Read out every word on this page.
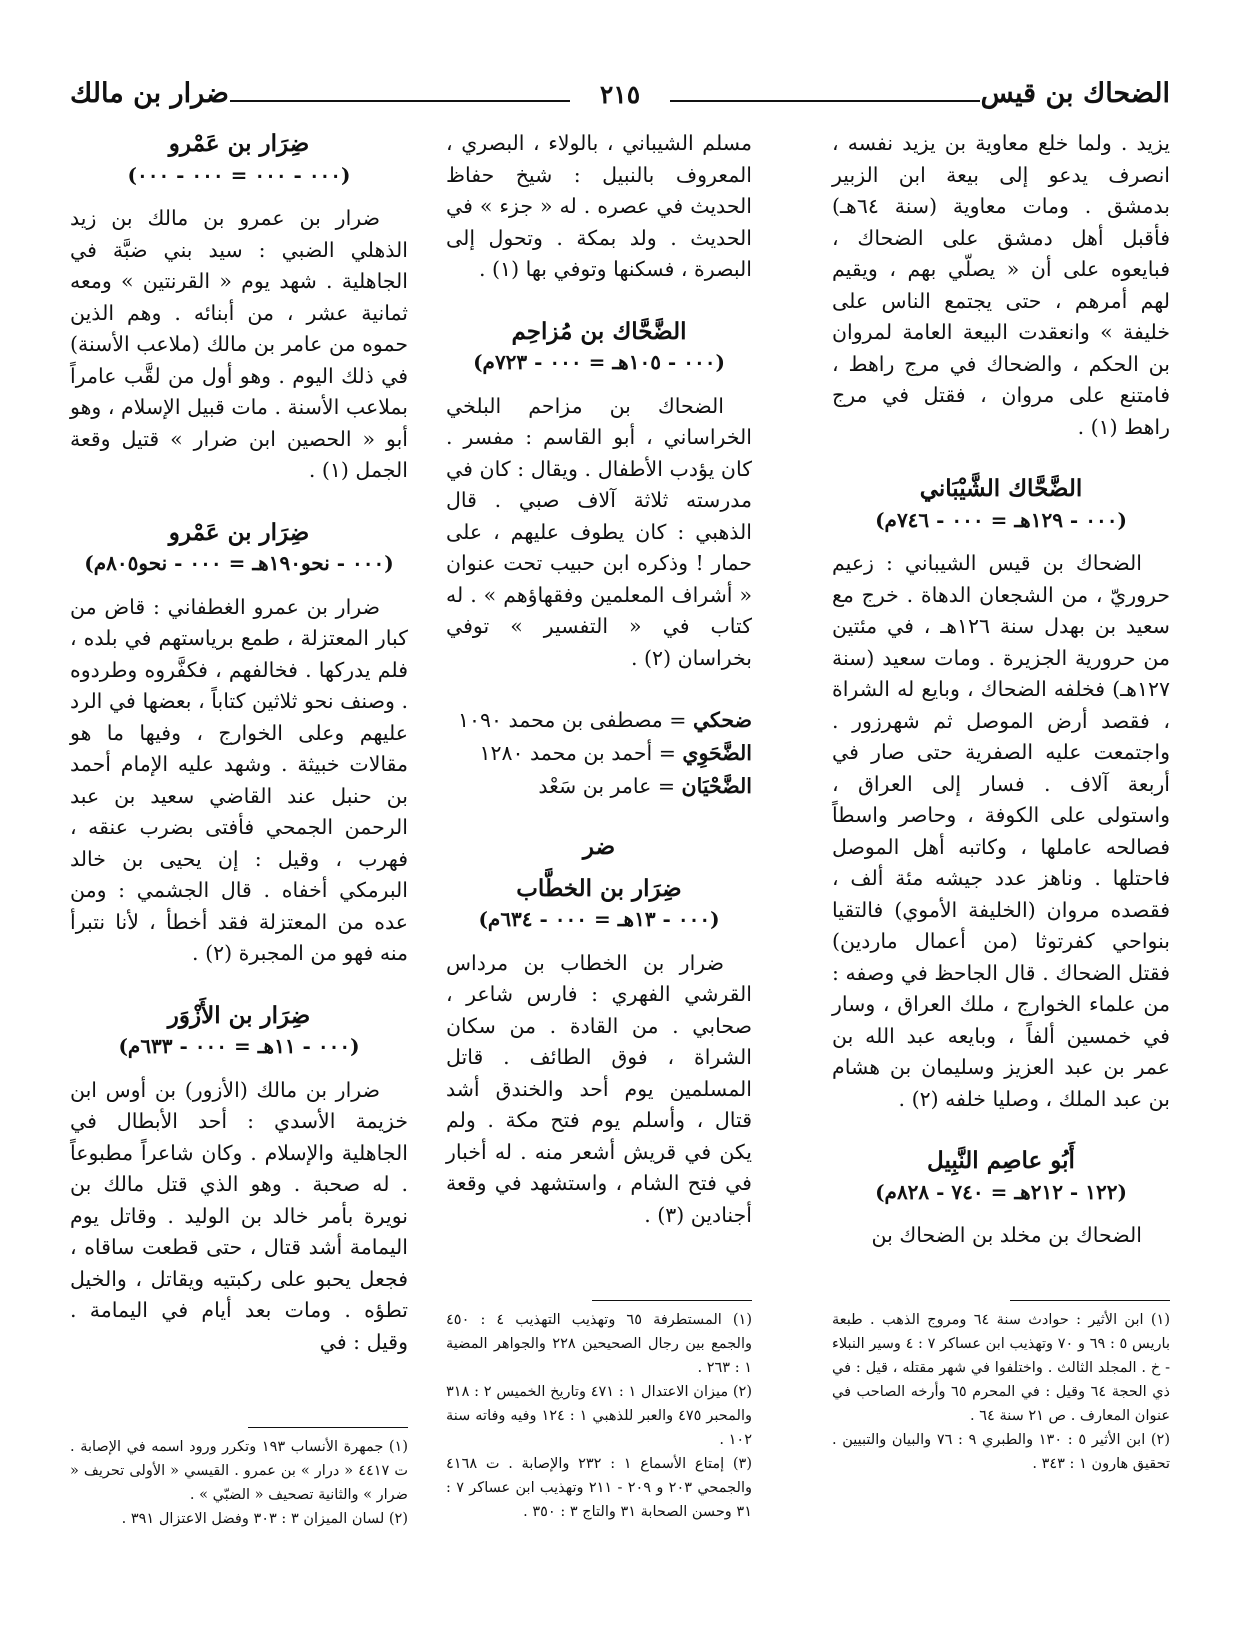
الضحاك بن قيس
٢١٥
ضرار بن مالك

يزيد . ولما خلع معاوية بن يزيد نفسه ، انصرف يدعو إلى بيعة ابن الزبير بدمشق . ومات معاوية (سنة ٦٤هـ) فأقبل أهل دمشق على الضحاك ، فبايعوه على أن « يصلّي بهم ، ويقيم لهم أمرهم ، حتى يجتمع الناس على خليفة » وانعقدت البيعة العامة لمروان بن الحكم ، والضحاك في مرج راهط ، فامتنع على مروان ، فقتل في مرج راهط (١) .

الضَّحَّاك الشَّيْبَاني

(٠٠٠ - ١٢٩هـ = ٠٠٠ - ٧٤٦م)

الضحاك بن قيس الشيباني : زعيم حروريّ ، من الشجعان الدهاة . خرج مع سعيد بن بهدل سنة ١٢٦هـ ، في مئتين من حرورية الجزيرة . ومات سعيد (سنة ١٢٧هـ) فخلفه الضحاك ، وبايع له الشراة ، فقصد أرض الموصل ثم شهرزور . واجتمعت عليه الصفرية حتى صار في أربعة آلاف . فسار إلى العراق ، واستولى على الكوفة ، وحاصر واسطاً فصالحه عاملها ، وكاتبه أهل الموصل فاحتلها . وناهز عدد جيشه مئة ألف ، فقصده مروان (الخليفة الأموي) فالتقيا بنواحي كفرتوثا (من أعمال ماردين) فقتل الضحاك . قال الجاحظ في وصفه : من علماء الخوارج ، ملك العراق ، وسار في خمسين ألفاً ، وبايعه عبد الله بن عمر بن عبد العزيز وسليمان بن هشام بن عبد الملك ، وصليا خلفه (٢) .

أَبُو عاصِم النَّبِيل

(١٢٢ - ٢١٢هـ = ٧٤٠ - ٨٢٨م)

الضحاك بن مخلد بن الضحاك بن

مسلم الشيباني ، بالولاء ، البصري ، المعروف بالنبيل : شيخ حفاظ الحديث في عصره . له « جزء » في الحديث . ولد بمكة . وتحول إلى البصرة ، فسكنها وتوفي بها (١) .

الضَّحَّاك بن مُزاحِم

(٠٠٠ - ١٠٥هـ = ٠٠٠ - ٧٢٣م)

الضحاك بن مزاحم البلخي الخراساني ، أبو القاسم : مفسر . كان يؤدب الأطفال . ويقال : كان في مدرسته ثلاثة آلاف صبي . قال الذهبي : كان يطوف عليهم ، على حمار ! وذكره ابن حبيب تحت عنوان « أشراف المعلمين وفقهاؤهم » . له كتاب في « التفسير » توفي بخراسان (٢) .

ضحكي = مصطفى بن محمد ١٠٩٠
الضَّحَوِي = أحمد بن محمد ١٢٨٠
الضَّحْيَان = عامر بن سَعْد

ضر

ضِرَار بن الخطَّاب

(٠٠٠ - ١٣هـ = ٠٠٠ - ٦٣٤م)

ضرار بن الخطاب بن مرداس القرشي الفهري : فارس شاعر ، صحابي . من القادة . من سكان الشراة ، فوق الطائف . قاتل المسلمين يوم أحد والخندق أشد قتال ، وأسلم يوم فتح مكة . ولم يكن في قريش أشعر منه . له أخبار في فتح الشام ، واستشهد في وقعة أجنادين (٣) .

ضِرَار بن عَمْرو

(٠٠٠ - ٠٠٠ = ٠٠٠ - ٠٠٠)

ضرار بن عمرو بن مالك بن زيد الذهلي الضبي : سيد بني ضبَّة في الجاهلية . شهد يوم « القرنتين » ومعه ثمانية عشر ، من أبنائه . وهم الذين حموه من عامر بن مالك (ملاعب الأسنة) في ذلك اليوم . وهو أول من لقَّب عامراً بملاعب الأسنة . مات قبيل الإسلام ، وهو أبو « الحصين ابن ضرار » قتيل وقعة الجمل (١) .

ضِرَار بن عَمْرو

(٠٠٠ - نحو١٩٠هـ = ٠٠٠ - نحو٨٠٥م)

ضرار بن عمرو الغطفاني : قاض من كبار المعتزلة ، طمع برياستهم في بلده ، فلم يدركها . فخالفهم ، فكفَّروه وطردوه . وصنف نحو ثلاثين كتاباً ، بعضها في الرد عليهم وعلى الخوارج ، وفيها ما هو مقالات خبيثة . وشهد عليه الإمام أحمد بن حنبل عند القاضي سعيد بن عبد الرحمن الجمحي فأفتى بضرب عنقه ، فهرب ، وقيل : إن يحيى بن خالد البرمكي أخفاه . قال الجشمي : ومن عده من المعتزلة فقد أخطأ ، لأنا نتبرأ منه فهو من المجبرة (٢) .

ضِرَار بن الأَزْوَر

(٠٠٠ - ١١هـ = ٠٠٠ - ٦٣٣م)

ضرار بن مالك (الأزور) بن أوس ابن خزيمة الأسدي : أحد الأبطال في الجاهلية والإسلام . وكان شاعراً مطبوعاً . له صحبة . وهو الذي قتل مالك بن نويرة بأمر خالد بن الوليد . وقاتل يوم اليمامة أشد قتال ، حتى قطعت ساقاه ، فجعل يحبو على ركبتيه ويقاتل ، والخيل تطؤه . ومات بعد أيام في اليمامة . وقيل : في

(١) ابن الأثير : حوادث سنة ٦٤ ومروج الذهب . طبعة باريس ٥ : ٦٩ و ٧٠ وتهذيب ابن عساكر ٧ : ٤ وسير النبلاء - خ . المجلد الثالث . واختلفوا في شهر مقتله ، قيل : في ذي الحجة ٦٤ وقيل : في المحرم ٦٥ وأرخه الصاحب في عنوان المعارف . ص ٢١ سنة ٦٤ .

(٢) ابن الأثير ٥ : ١٣٠ والطبري ٩ : ٧٦ والبيان والتبيين . تحقيق هارون ١ : ٣٤٣ .

(١) المستطرفة ٦٥ وتهذيب التهذيب ٤ : ٤٥٠ والجمع بين رجال الصحيحين ٢٢٨ والجواهر المضية ١ : ٢٦٣ .

(٢) ميزان الاعتدال ١ : ٤٧١ وتاريخ الخميس ٢ : ٣١٨ والمحبر ٤٧٥ والعبر للذهبي ١ : ١٢٤ وفيه وفاته سنة ١٠٢ .

(٣) إمتاع الأسماع ١ : ٢٣٢ والإصابة . ت ٤١٦٨ والجمحي ٢٠٣ و ٢٠٩ - ٢١١ وتهذيب ابن عساكر ٧ : ٣١ وحسن الصحابة ٣١ والتاج ٣ : ٣٥٠ .

(١) جمهرة الأنساب ١٩٣ وتكرر ورود اسمه في الإصابة . ت ٤٤١٧ « درار » بن عمرو . القيسي « الأولى تحريف « ضرار » والثانية تصحيف « الضبّي » .

(٢) لسان الميزان ٣ : ٣٠٣ وفضل الاعتزال ٣٩١ .
